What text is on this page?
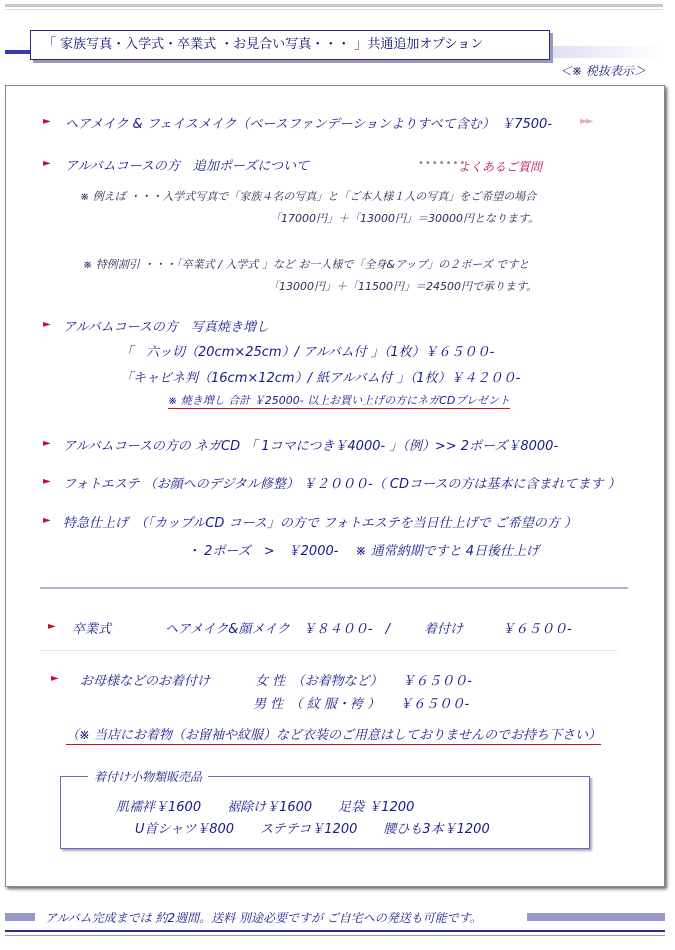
「 家族写真・入学式・卒業式 ・お見合い写真・・・ 」共通追加オプション
＜※ 税抜表示＞
► ヘアメイク & フェイスメイク（ベースファンデーションよりすべて含む）　￥7500-	►►
► アルバムコースの方　追加ポーズについて	•••••••
よくあるご質問
※ 例えば ・・・入学式写真で「家族４名の写真」と「ご本人様１人の写真」をご希望の場合
「17000円」＋「13000円」＝30000円となります。
※ 特例割引 ・・・「卒業式 / 入学式 」など お一人様で「全身&アップ」の２ポーズ ですと
「13000円」＋「11500円」＝24500円で承ります。
► アルバムコースの方　写真焼き増し
「　六ッ切（20cm×25cm）/ アルバム付 」（1枚）￥６５００-
「キャビネ判（16cm×12cm）/ 紙アルバム付 」（1枚）￥４２００-
※ 焼き増し 合計 ￥25000- 以上お買い上げの方にネガCDプレゼント
► アルバムコースの方の ネガCD 「 1コマにつき￥4000- 」（例）>> 2ポーズ￥8000-
► フォトエステ （お顔へのデジタル修整） ￥２０００-（ CDコースの方は基本に含まれてます ）
► 特急仕上げ　（「カップルCD コース」の方で フォトエステを当日仕上げで ご希望の方 ）
・ 2ポーズ　>　￥2000-　 ※ 通常納期ですと 4日後仕上げ
► 卒業式	ヘアメイク&顔メイク　￥８４００-　/	着付け　　　￥６５００-
► お母様などのお着付け	女 性　（お着物など）　　￥６５００-
男 性　（ 紋 服・袴 ）　　￥６５００-
（※ 当店にお着物（お留袖や紋服）など衣装のご用意はしておりませんのでお持ち下さい）
着付け小物類販売品
肌襦袢￥1600　　裾除け￥1600　　足袋 ￥1200
U首シャツ￥800　　ステテコ￥1200　　腰ひも3本￥1200
アルバム完成までは 約2週間。送料 別途必要ですが ご自宅への発送も可能です。
